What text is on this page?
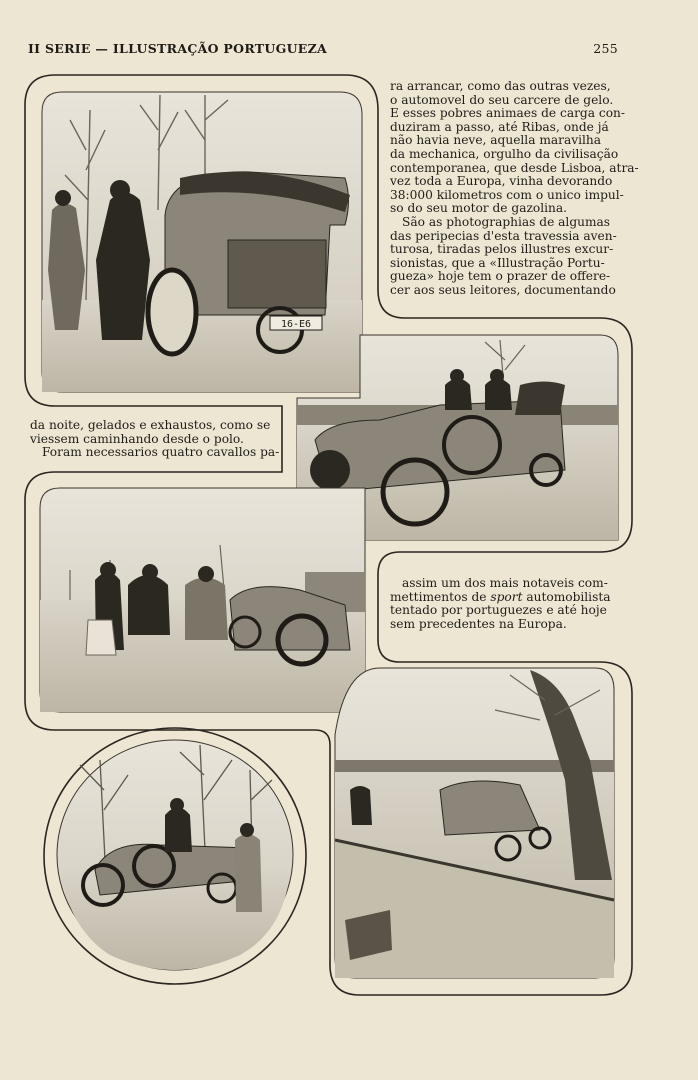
II SERIE — ILLUSTRAÇÃO PORTUGUEZA	255
16-E6
ra arrancar, como das outras vezes,
o automovel do seu carcere de gelo.
E esses pobres animaes de carga con-
duziram a passo, até Ribas, onde já
não havia neve, aquella maravilha
da mechanica, orgulho da civilisação
contemporanea, que desde Lisboa, atra-
vez toda a Europa, vinha devorando
38:000 kilometros com o unico impul-
so do seu motor de gazolina.
São as photographias de algumas
das peripecias d'esta travessia aven-
turosa, tiradas pelos illustres excur-
sionistas, que a «Illustração Portu-
gueza» hoje tem o prazer de offere-
cer aos seus leitores, documentando
da noite, gelados e exhaustos, como se
viessem caminhando desde o polo.
Foram necessarios quatro cavallos pa-
assim um dos mais notaveis com-
mettimentos de sport automobilista
tentado por portuguezes e até hoje
sem precedentes na Europa.
